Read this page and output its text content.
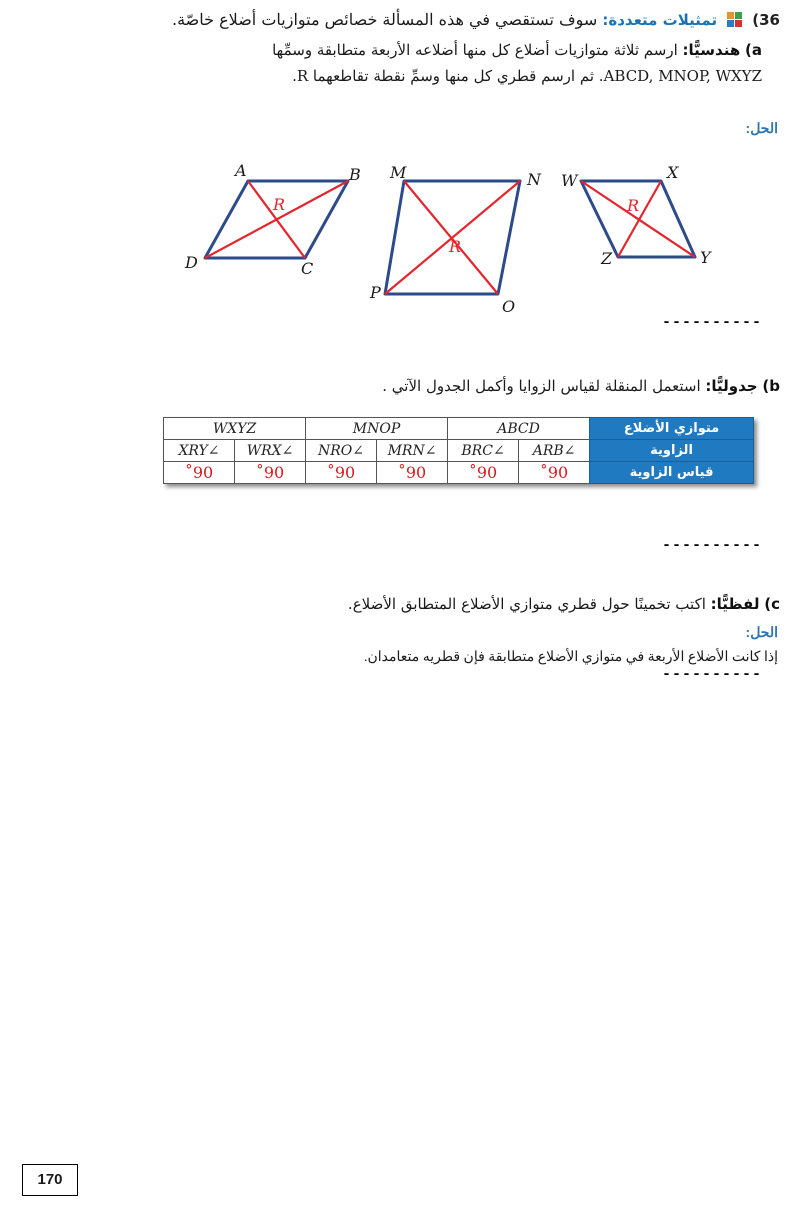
36)  تمثيلات متعددة: سوف تستقصي في هذه المسألة خصائص متوازيات أضلاع خاصّة.
a) هندسيًّا: ارسم ثلاثة متوازيات أضلاع كل منها أضلاعه الأربعة متطابقة وسمِّها
ABCD, MNOP, WXYZ. ثم ارسم قطري كل منها وسمِّ نقطة تقاطعهما R.
الحل:
A	B
C
D
R
M	N
O
P
R
W	X
Y
Z
R
----------
b) جدوليًّا: استعمل المنقلة لقياس الزوايا وأكمل الجدول الآتي .
متوازي الأضلاع	ABCD		MNOP		WXYZ	
الزاوية	∠ARB	∠BRC	∠MRN	∠NRO	∠WRX	∠XRY
قياس الزاوية	90˚	90˚	90˚	90˚	90˚	90˚
----------
c) لفظيًّا: اكتب تخمينًا حول قطري متوازي الأضلاع المتطابق الأضلاع.
الحل:
إذا كانت الأضلاع الأربعة في متوازي الأضلاع متطابقة فإن قطريه متعامدان.
----------
170
